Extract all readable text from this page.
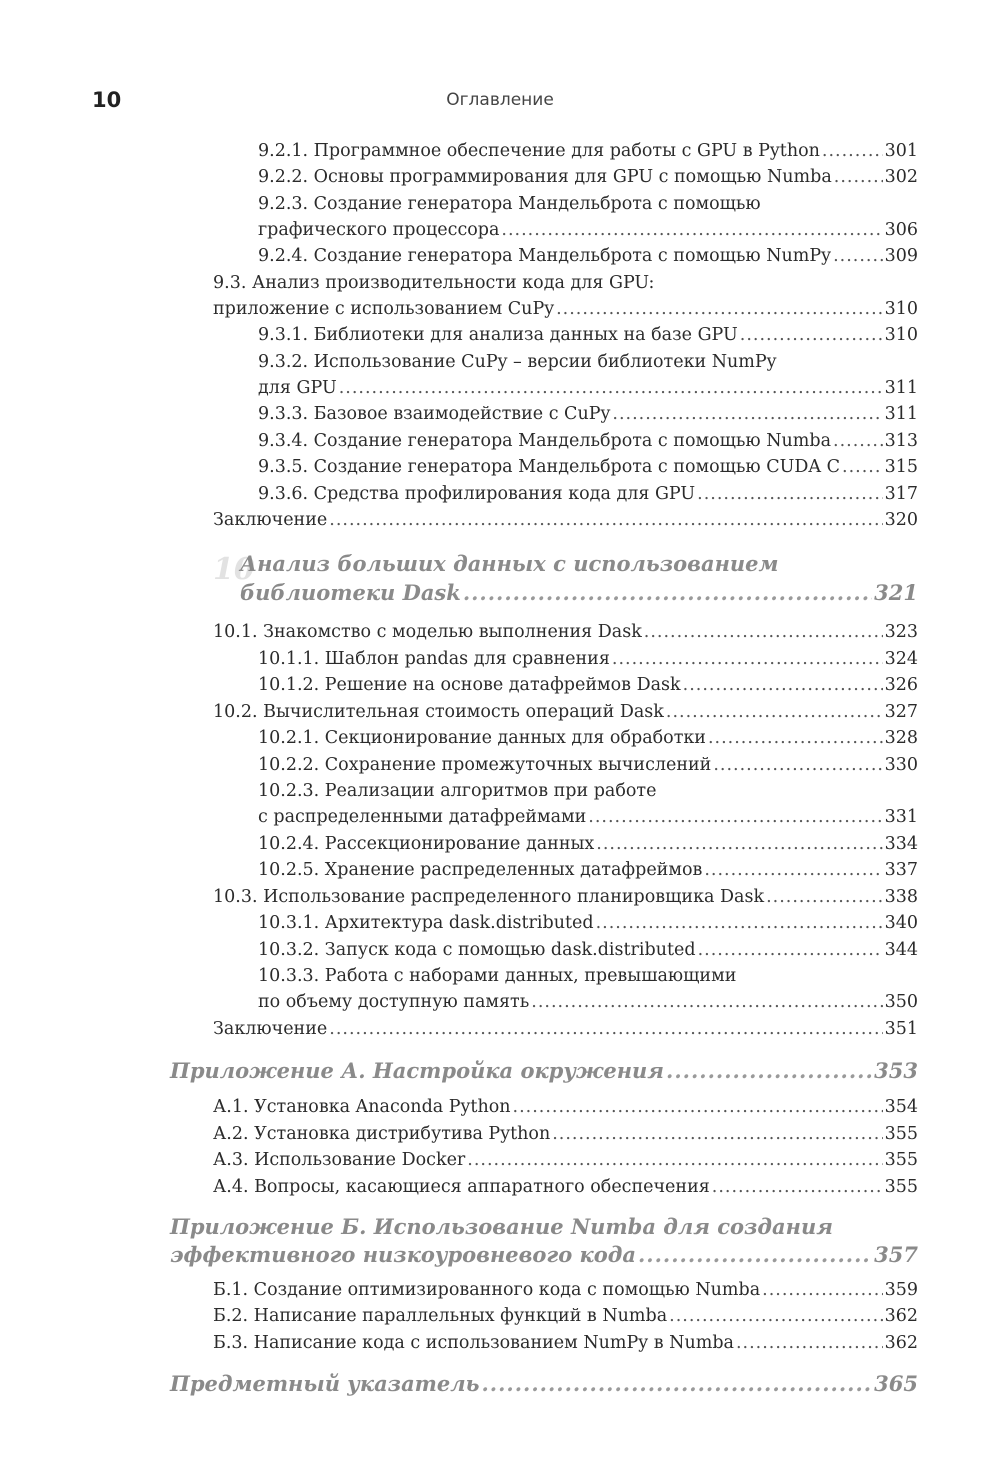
10	Оглавление
9.2.1. Программное обеспечение для работы с GPU в Python .....	301
9.2.2. Основы программирования для GPU с помощью Numba .....	302
9.2.3. Создание генератора Мандельброта с помощью
графического процессора .....	306
9.2.4. Создание генератора Мандельброта с помощью NumPy .....	309
9.3. Анализ производительности кода для GPU:
приложение с использованием CuPy .....	310
9.3.1. Библиотеки для анализа данных на базе GPU .....	310
9.3.2. Использование CuPy – версии библиотеки NumPy
для GPU .....	311
9.3.3. Базовое взаимодействие с CuPy .....	311
9.3.4. Создание генератора Мандельброта с помощью Numba .....	313
9.3.5. Создание генератора Мандельброта с помощью CUDA C .....	315
9.3.6. Средства профилирования кода для GPU .....	317
Заключение .....	320
10
Анализ больших данных с использованием
библиотеки Dask .....	321
10.1. Знакомство с моделью выполнения Dask .....	323
10.1.1. Шаблон pandas для сравнения .....	324
10.1.2. Решение на основе датафреймов Dask .....	326
10.2. Вычислительная стоимость операций Dask .....	327
10.2.1. Секционирование данных для обработки .....	328
10.2.2. Сохранение промежуточных вычислений .....	330
10.2.3. Реализации алгоритмов при работе
с распределенными датафреймами .....	331
10.2.4. Рассекционирование данных .....	334
10.2.5. Хранение распределенных датафреймов .....	337
10.3. Использование распределенного планировщика Dask .....	338
10.3.1. Архитектура dask.distributed .....	340
10.3.2. Запуск кода с помощью dask.distributed .....	344
10.3.3. Работа с наборами данных, превышающими
по объему доступную память .....	350
Заключение .....	351
Приложение А. Настройка окружения .....	353
А.1. Установка Anaconda Python .....	354
А.2. Установка дистрибутива Python .....	355
А.3. Использование Docker .....	355
А.4. Вопросы, касающиеся аппаратного обеспечения .....	355
Приложение Б. Использование Numba для создания
эффективного низкоуровневого кода .....	357
Б.1. Создание оптимизированного кода с помощью Numba .....	359
Б.2. Написание параллельных функций в Numba .....	362
Б.3. Написание кода с использованием NumPy в Numba .....	362
Предметный указатель .....	365
